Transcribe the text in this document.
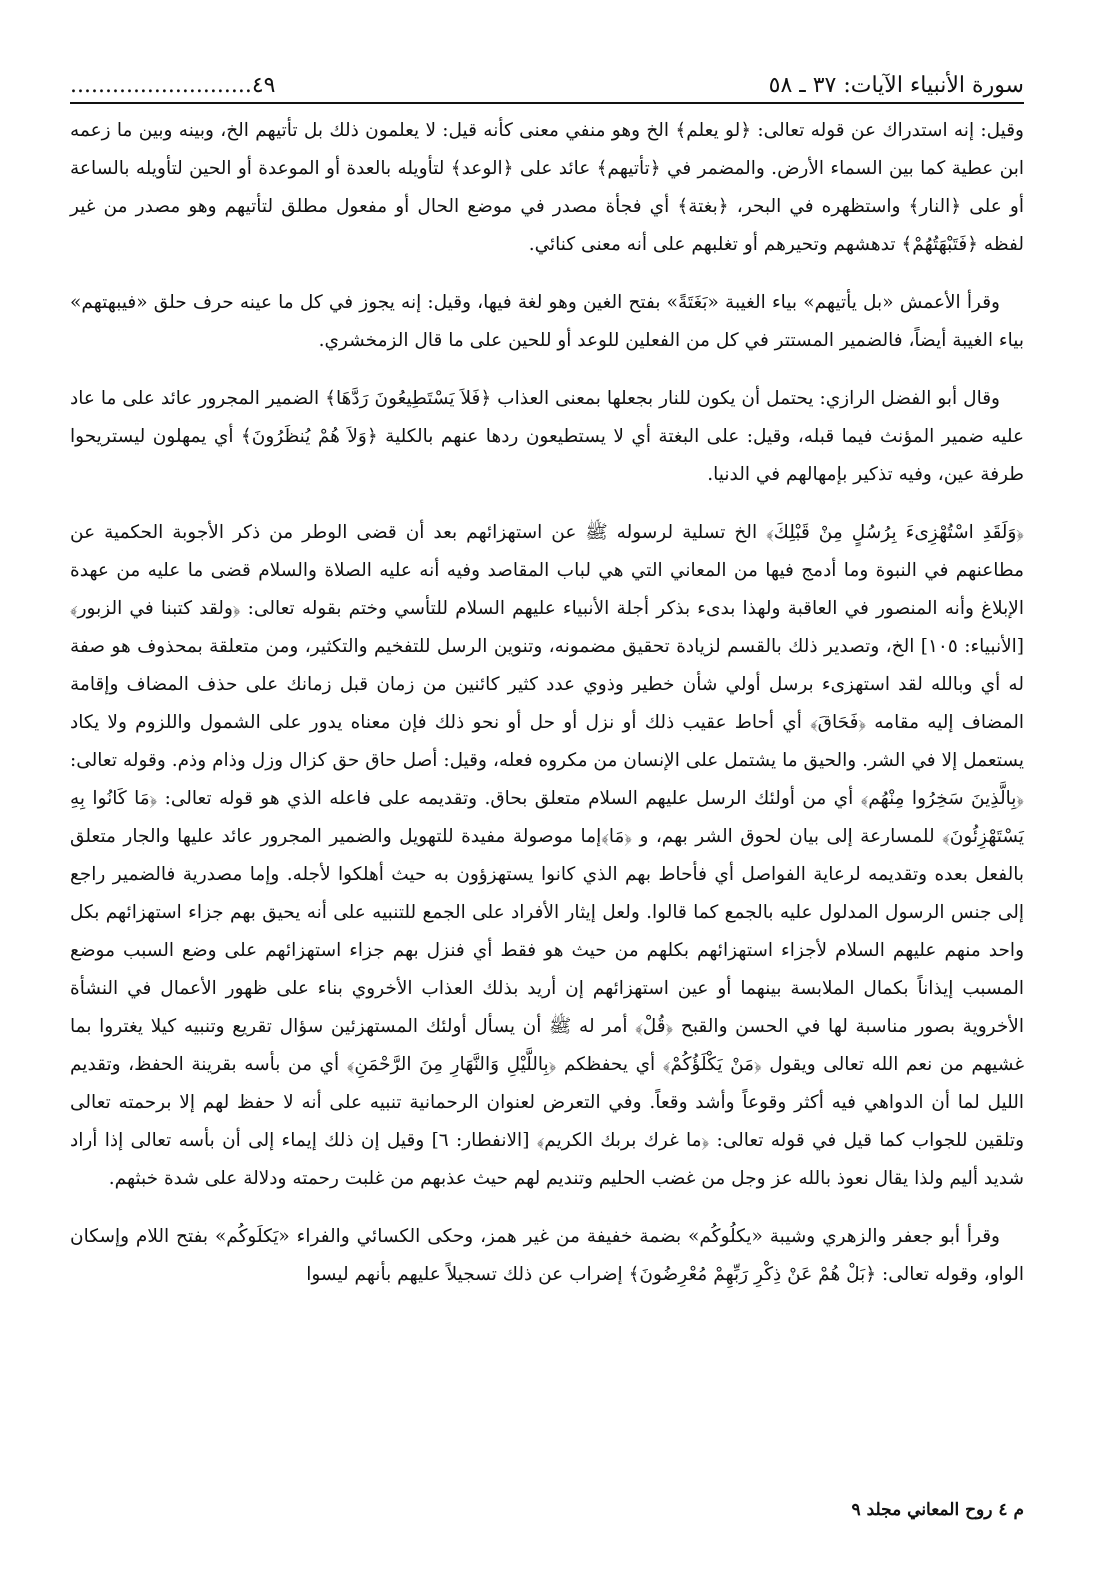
سورة الأنبياء الآيات: ٣٧ ـ ٥٨
٤٩..........................

وقيل: إنه استدراك عن قوله تعالى: ﴿لو يعلم﴾ الخ وهو منفي معنى كأنه قيل: لا يعلمون ذلك بل تأتيهم الخ، وبينه وبين ما زعمه ابن عطية كما بين السماء الأرض. والمضمر في ﴿تأتيهم﴾ عائد على ﴿الوعد﴾ لتأويله بالعدة أو الموعدة أو الحين لتأويله بالساعة أو على ﴿النار﴾ واستظهره في البحر، ﴿بغتة﴾ أي فجأة مصدر في موضع الحال أو مفعول مطلق لتأتيهم وهو مصدر من غير لفظه ﴿فَتَبْهَتُهُمْ﴾ تدهشهم وتحيرهم أو تغلبهم على أنه معنى كنائي.

وقرأ الأعمش «بل يأتيهم» بياء الغيبة «بَغَتَةً» بفتح الغين وهو لغة فيها، وقيل: إنه يجوز في كل ما عينه حرف حلق «فيبهتهم» بياء الغيبة أيضاً، فالضمير المستتر في كل من الفعلين للوعد أو للحين على ما قال الزمخشري.

وقال أبو الفضل الرازي: يحتمل أن يكون للنار بجعلها بمعنى العذاب ﴿فَلاَ يَسْتَطِيعُونَ رَدَّهَا﴾ الضمير المجرور عائد على ما عاد عليه ضمير المؤنث فيما قبله، وقيل: على البغتة أي لا يستطيعون ردها عنهم بالكلية ﴿وَلاَ هُمْ يُنظَرُونَ﴾ أي يمهلون ليستريحوا طرفة عين، وفيه تذكير بإمهالهم في الدنيا.

﴿وَلَقَدِ اسْتُهْزِىءَ بِرُسُلٍ مِنْ قَبْلِكَ﴾ الخ تسلية لرسوله ﷺ عن استهزائهم بعد أن قضى الوطر من ذكر الأجوبة الحكمية عن مطاعنهم في النبوة وما أدمج فيها من المعاني التي هي لباب المقاصد وفيه أنه عليه الصلاة والسلام قضى ما عليه من عهدة الإبلاغ وأنه المنصور في العاقبة ولهذا بدىء بذكر أجلة الأنبياء عليهم السلام للتأسي وختم بقوله تعالى: ﴿ولقد كتبنا في الزبور﴾ [الأنبياء: ١٠٥] الخ، وتصدير ذلك بالقسم لزيادة تحقيق مضمونه، وتنوين الرسل للتفخيم والتكثير، ومن متعلقة بمحذوف هو صفة له أي وبالله لقد استهزىء برسل أولي شأن خطير وذوي عدد كثير كائنين من زمان قبل زمانك على حذف المضاف وإقامة المضاف إليه مقامه ﴿فَحَاقَ﴾ أي أحاط عقيب ذلك أو نزل أو حل أو نحو ذلك فإن معناه يدور على الشمول واللزوم ولا يكاد يستعمل إلا في الشر. والحيق ما يشتمل على الإنسان من مكروه فعله، وقيل: أصل حاق حق كزال وزل وذام وذم. وقوله تعالى: ﴿بِالَّذِينَ سَخِرُوا مِنْهُم﴾ أي من أولئك الرسل عليهم السلام متعلق بحاق. وتقديمه على فاعله الذي هو قوله تعالى: ﴿مَا كَانُوا بِهِ يَسْتَهْزِئُونَ﴾ للمسارعة إلى بيان لحوق الشر بهم، و ﴿مَا﴾إما موصولة مفيدة للتهويل والضمير المجرور عائد عليها والجار متعلق بالفعل بعده وتقديمه لرعاية الفواصل أي فأحاط بهم الذي كانوا يستهزؤون به حيث أهلكوا لأجله. وإما مصدرية فالضمير راجع إلى جنس الرسول المدلول عليه بالجمع كما قالوا. ولعل إيثار الأفراد على الجمع للتنبيه على أنه يحيق بهم جزاء استهزائهم بكل واحد منهم عليهم السلام لأجزاء استهزائهم بكلهم من حيث هو فقط أي فنزل بهم جزاء استهزائهم على وضع السبب موضع المسبب إيذاناً بكمال الملابسة بينهما أو عين استهزائهم إن أريد بذلك العذاب الأخروي بناء على ظهور الأعمال في النشأة الأخروية بصور مناسبة لها في الحسن والقبح ﴿قُلْ﴾ أمر له ﷺ أن يسأل أولئك المستهزئين سؤال تقريع وتنبيه كيلا يغتروا بما غشيهم من نعم الله تعالى ويقول ﴿مَنْ يَكْلَؤُكُمْ﴾ أي يحفظكم ﴿بِاللَّيْلِ وَالنَّهَارِ مِنَ الرَّحْمَنِ﴾ أي من بأسه بقرينة الحفظ، وتقديم الليل لما أن الدواهي فيه أكثر وقوعاً وأشد وقعاً. وفي التعرض لعنوان الرحمانية تنبيه على أنه لا حفظ لهم إلا برحمته تعالى وتلقين للجواب كما قيل في قوله تعالى: ﴿ما غرك بربك الكريم﴾ [الانفطار: ٦] وقيل إن ذلك إيماء إلى أن بأسه تعالى إذا أراد شديد أليم ولذا يقال نعوذ بالله عز وجل من غضب الحليم وتنديم لهم حيث عذبهم من غلبت رحمته ودلالة على شدة خبثهم.

وقرأ أبو جعفر والزهري وشيبة «يكلُوكُم» بضمة خفيفة من غير همز، وحكى الكسائي والفراء «يَكلَوكُم» بفتح اللام وإسكان الواو، وقوله تعالى: ﴿بَلْ هُمْ عَنْ ذِكْرِ رَبِّهِمْ مُعْرِضُونَ﴾ إضراب عن ذلك تسجيلاً عليهم بأنهم ليسوا

م ٤ روح المعاني مجلد ٩
